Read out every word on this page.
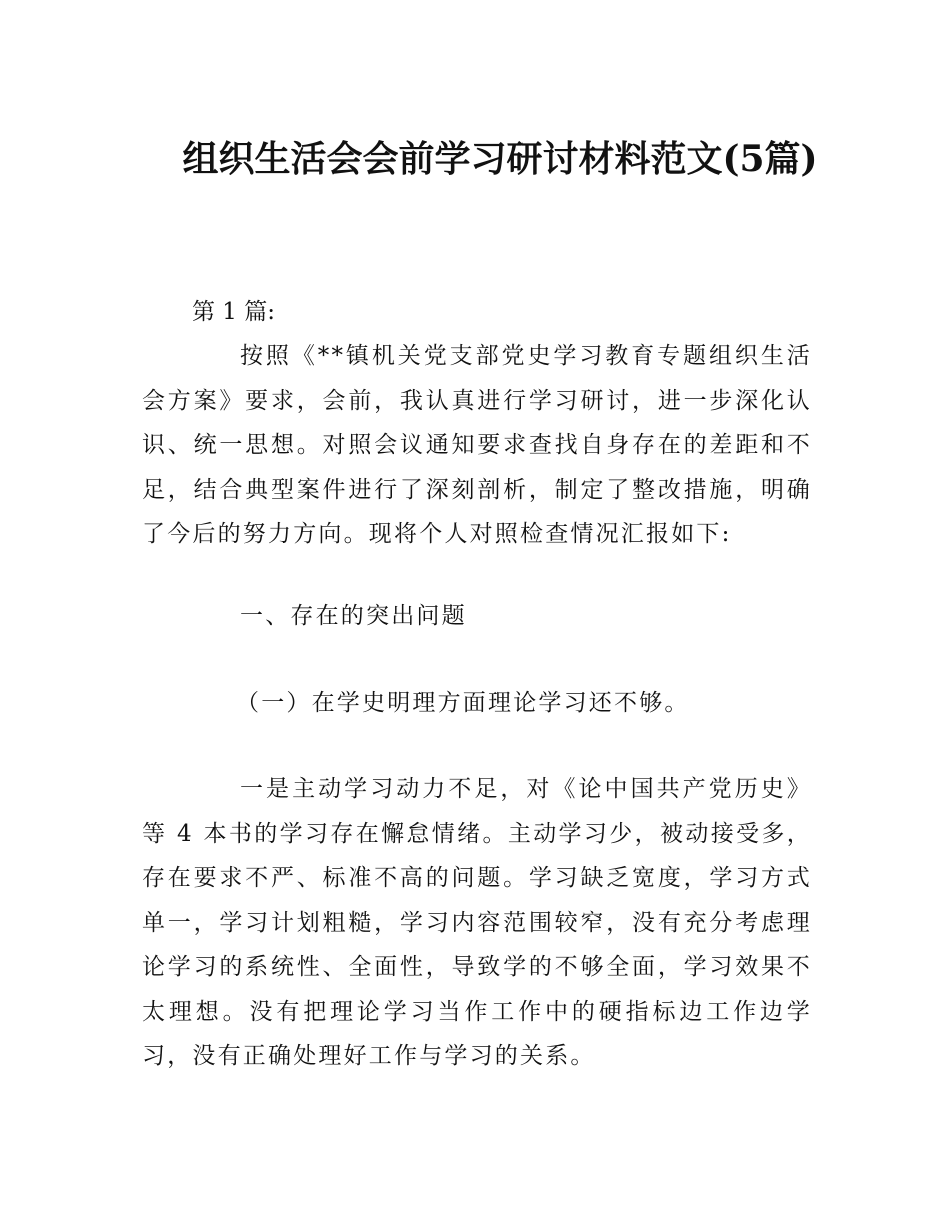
组织生活会会前学习研讨材料范文(5篇)

第 1 篇:

按照《**镇机关党支部党史学习教育专题组织生活会方案》要求，会前，我认真进行学习研讨，进一步深化认识、统一思想。对照会议通知要求查找自身存在的差距和不足，结合典型案件进行了深刻剖析，制定了整改措施，明确了今后的努力方向。现将个人对照检查情况汇报如下:

一、存在的突出问题

（一）在学史明理方面理论学习还不够。

一是主动学习动力不足，对《论中国共产党历史》等 4 本书的学习存在懈怠情绪。主动学习少，被动接受多，存在要求不严、标准不高的问题。学习缺乏宽度，学习方式单一，学习计划粗糙，学习内容范围较窄，没有充分考虑理论学习的系统性、全面性，导致学的不够全面，学习效果不太理想。没有把理论学习当作工作中的硬指标边工作边学习，没有正确处理好工作与学习的关系。
